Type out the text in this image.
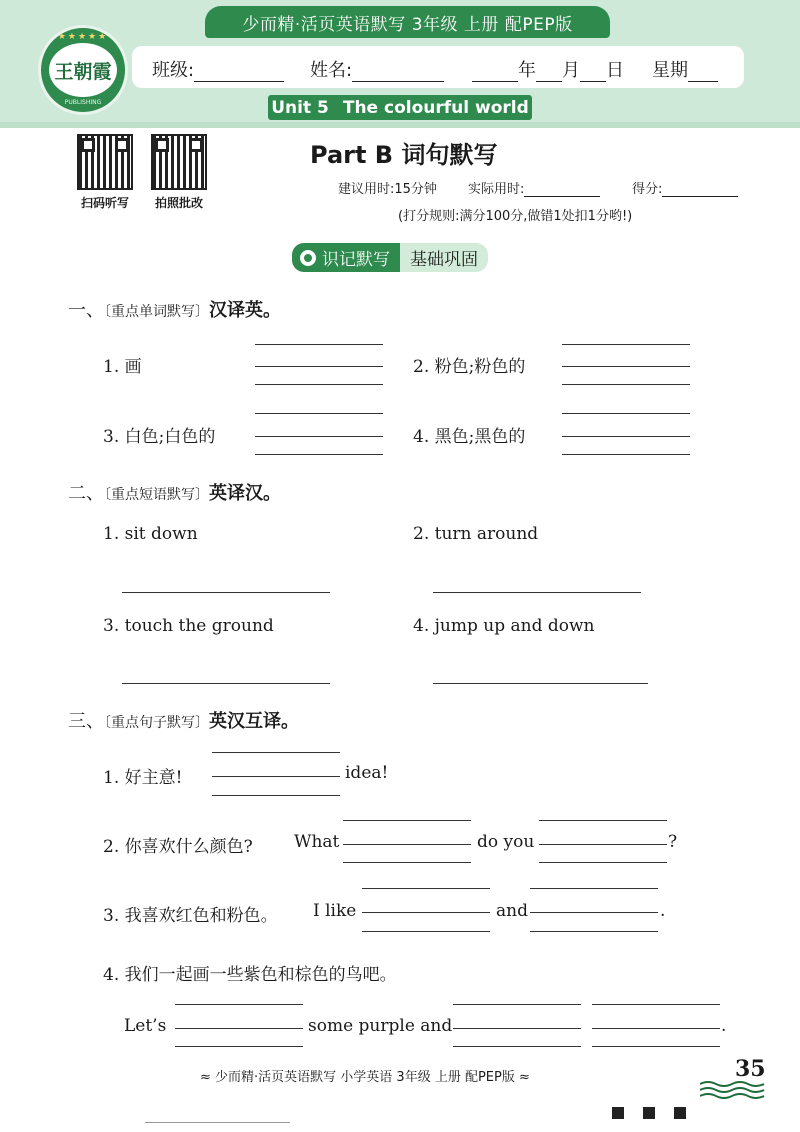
少而精·活页英语默写 3年级 上册 配PEP版
★★★★★
王朝霞
PUBLISHING
班级:	姓名:	年 月 日 星期
Unit 5 The colourful world
扫码听写	拍照批改
Part B 词句默写
建议用时:15分钟 实际用时:	得分:
(打分规则:满分100分,做错1处扣1分哟!)
识记默写	基础巩固
一、〔重点单词默写〕汉译英。
1. 画	2. 粉色;粉色的
3. 白色;白色的	4. 黑色;黑色的
二、〔重点短语默写〕英译汉。
1. sit down	2. turn around
3. touch the ground	4. jump up and down
三、〔重点句子默写〕英汉互译。
1. 好主意!	idea!
2. 你喜欢什么颜色? What	do you	?
3. 我喜欢红色和粉色。 I like	and	.
4. 我们一起画一些紫色和棕色的鸟吧。
Let’s	some purple and	.
≈ 少而精·活页英语默写 小学英语 3年级 上册 配PEP版 ≈	35
